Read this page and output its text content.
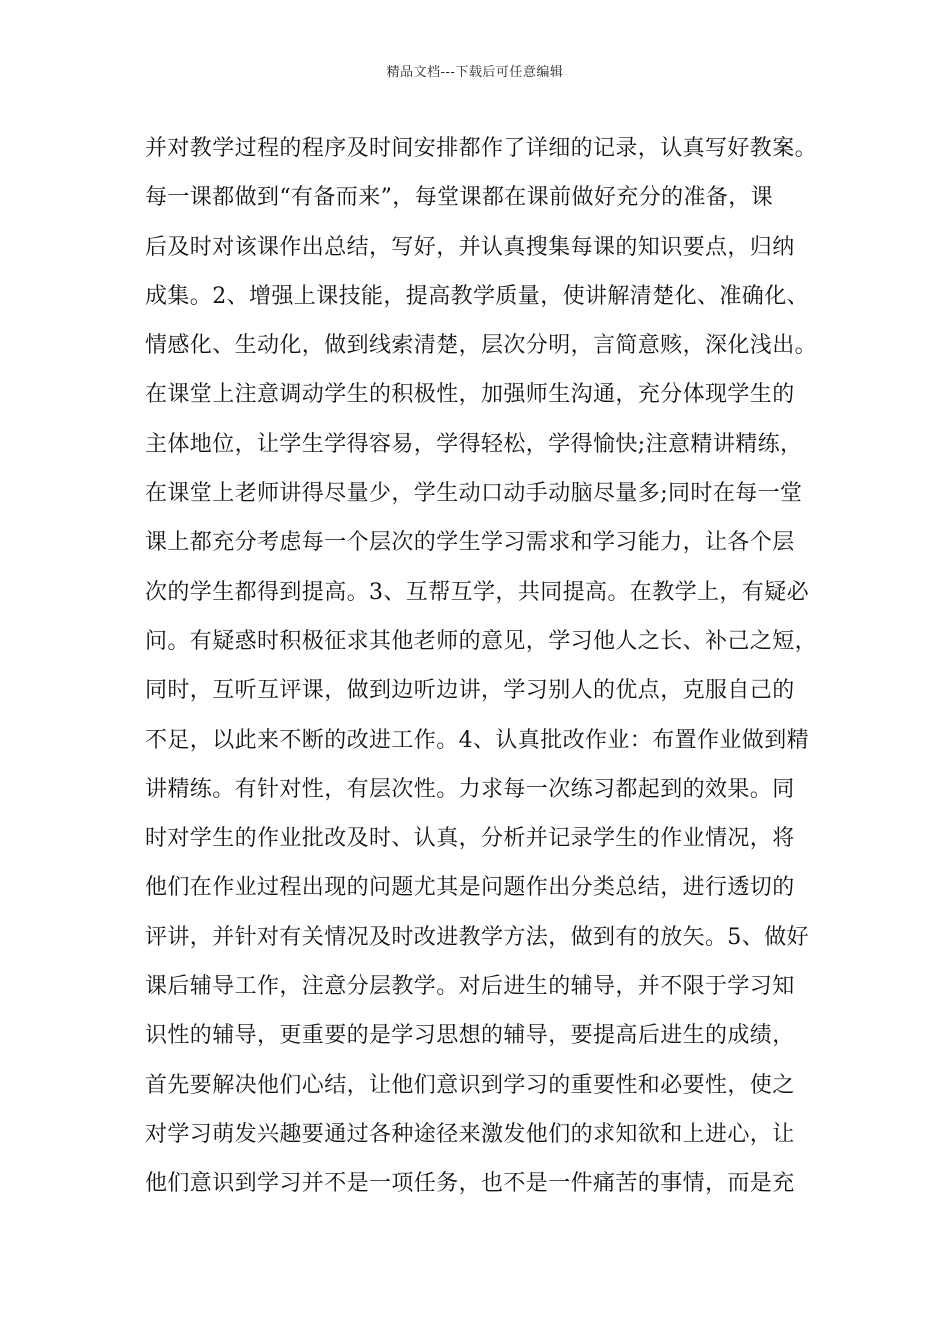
精品文档---下载后可任意编辑
并对教学过程的程序及时间安排都作了详细的记录，认真写好教案。
每一课都做到“有备而来”，每堂课都在课前做好充分的准备，课
后及时对该课作出总结，写好，并认真搜集每课的知识要点，归纳
成集。2、增强上课技能，提高教学质量，使讲解清楚化、准确化、
情感化、生动化，做到线索清楚，层次分明，言简意赅，深化浅出。
在课堂上注意调动学生的积极性，加强师生沟通，充分体现学生的
主体地位，让学生学得容易，学得轻松，学得愉快;注意精讲精练，
在课堂上老师讲得尽量少，学生动口动手动脑尽量多;同时在每一堂
课上都充分考虑每一个层次的学生学习需求和学习能力，让各个层
次的学生都得到提高。3、互帮互学，共同提高。在教学上，有疑必
问。有疑惑时积极征求其他老师的意见，学习他人之长、补己之短，
同时，互听互评课，做到边听边讲，学习别人的优点，克服自己的
不足，以此来不断的改进工作。4、认真批改作业：布置作业做到精
讲精练。有针对性，有层次性。力求每一次练习都起到的效果。同
时对学生的作业批改及时、认真，分析并记录学生的作业情况，将
他们在作业过程出现的问题尤其是问题作出分类总结，进行透切的
评讲，并针对有关情况及时改进教学方法，做到有的放矢。5、做好
课后辅导工作，注意分层教学。对后进生的辅导，并不限于学习知
识性的辅导，更重要的是学习思想的辅导，要提高后进生的成绩，
首先要解决他们心结，让他们意识到学习的重要性和必要性，使之
对学习萌发兴趣要通过各种途径来激发他们的求知欲和上进心，让
他们意识到学习并不是一项任务，也不是一件痛苦的事情，而是充
